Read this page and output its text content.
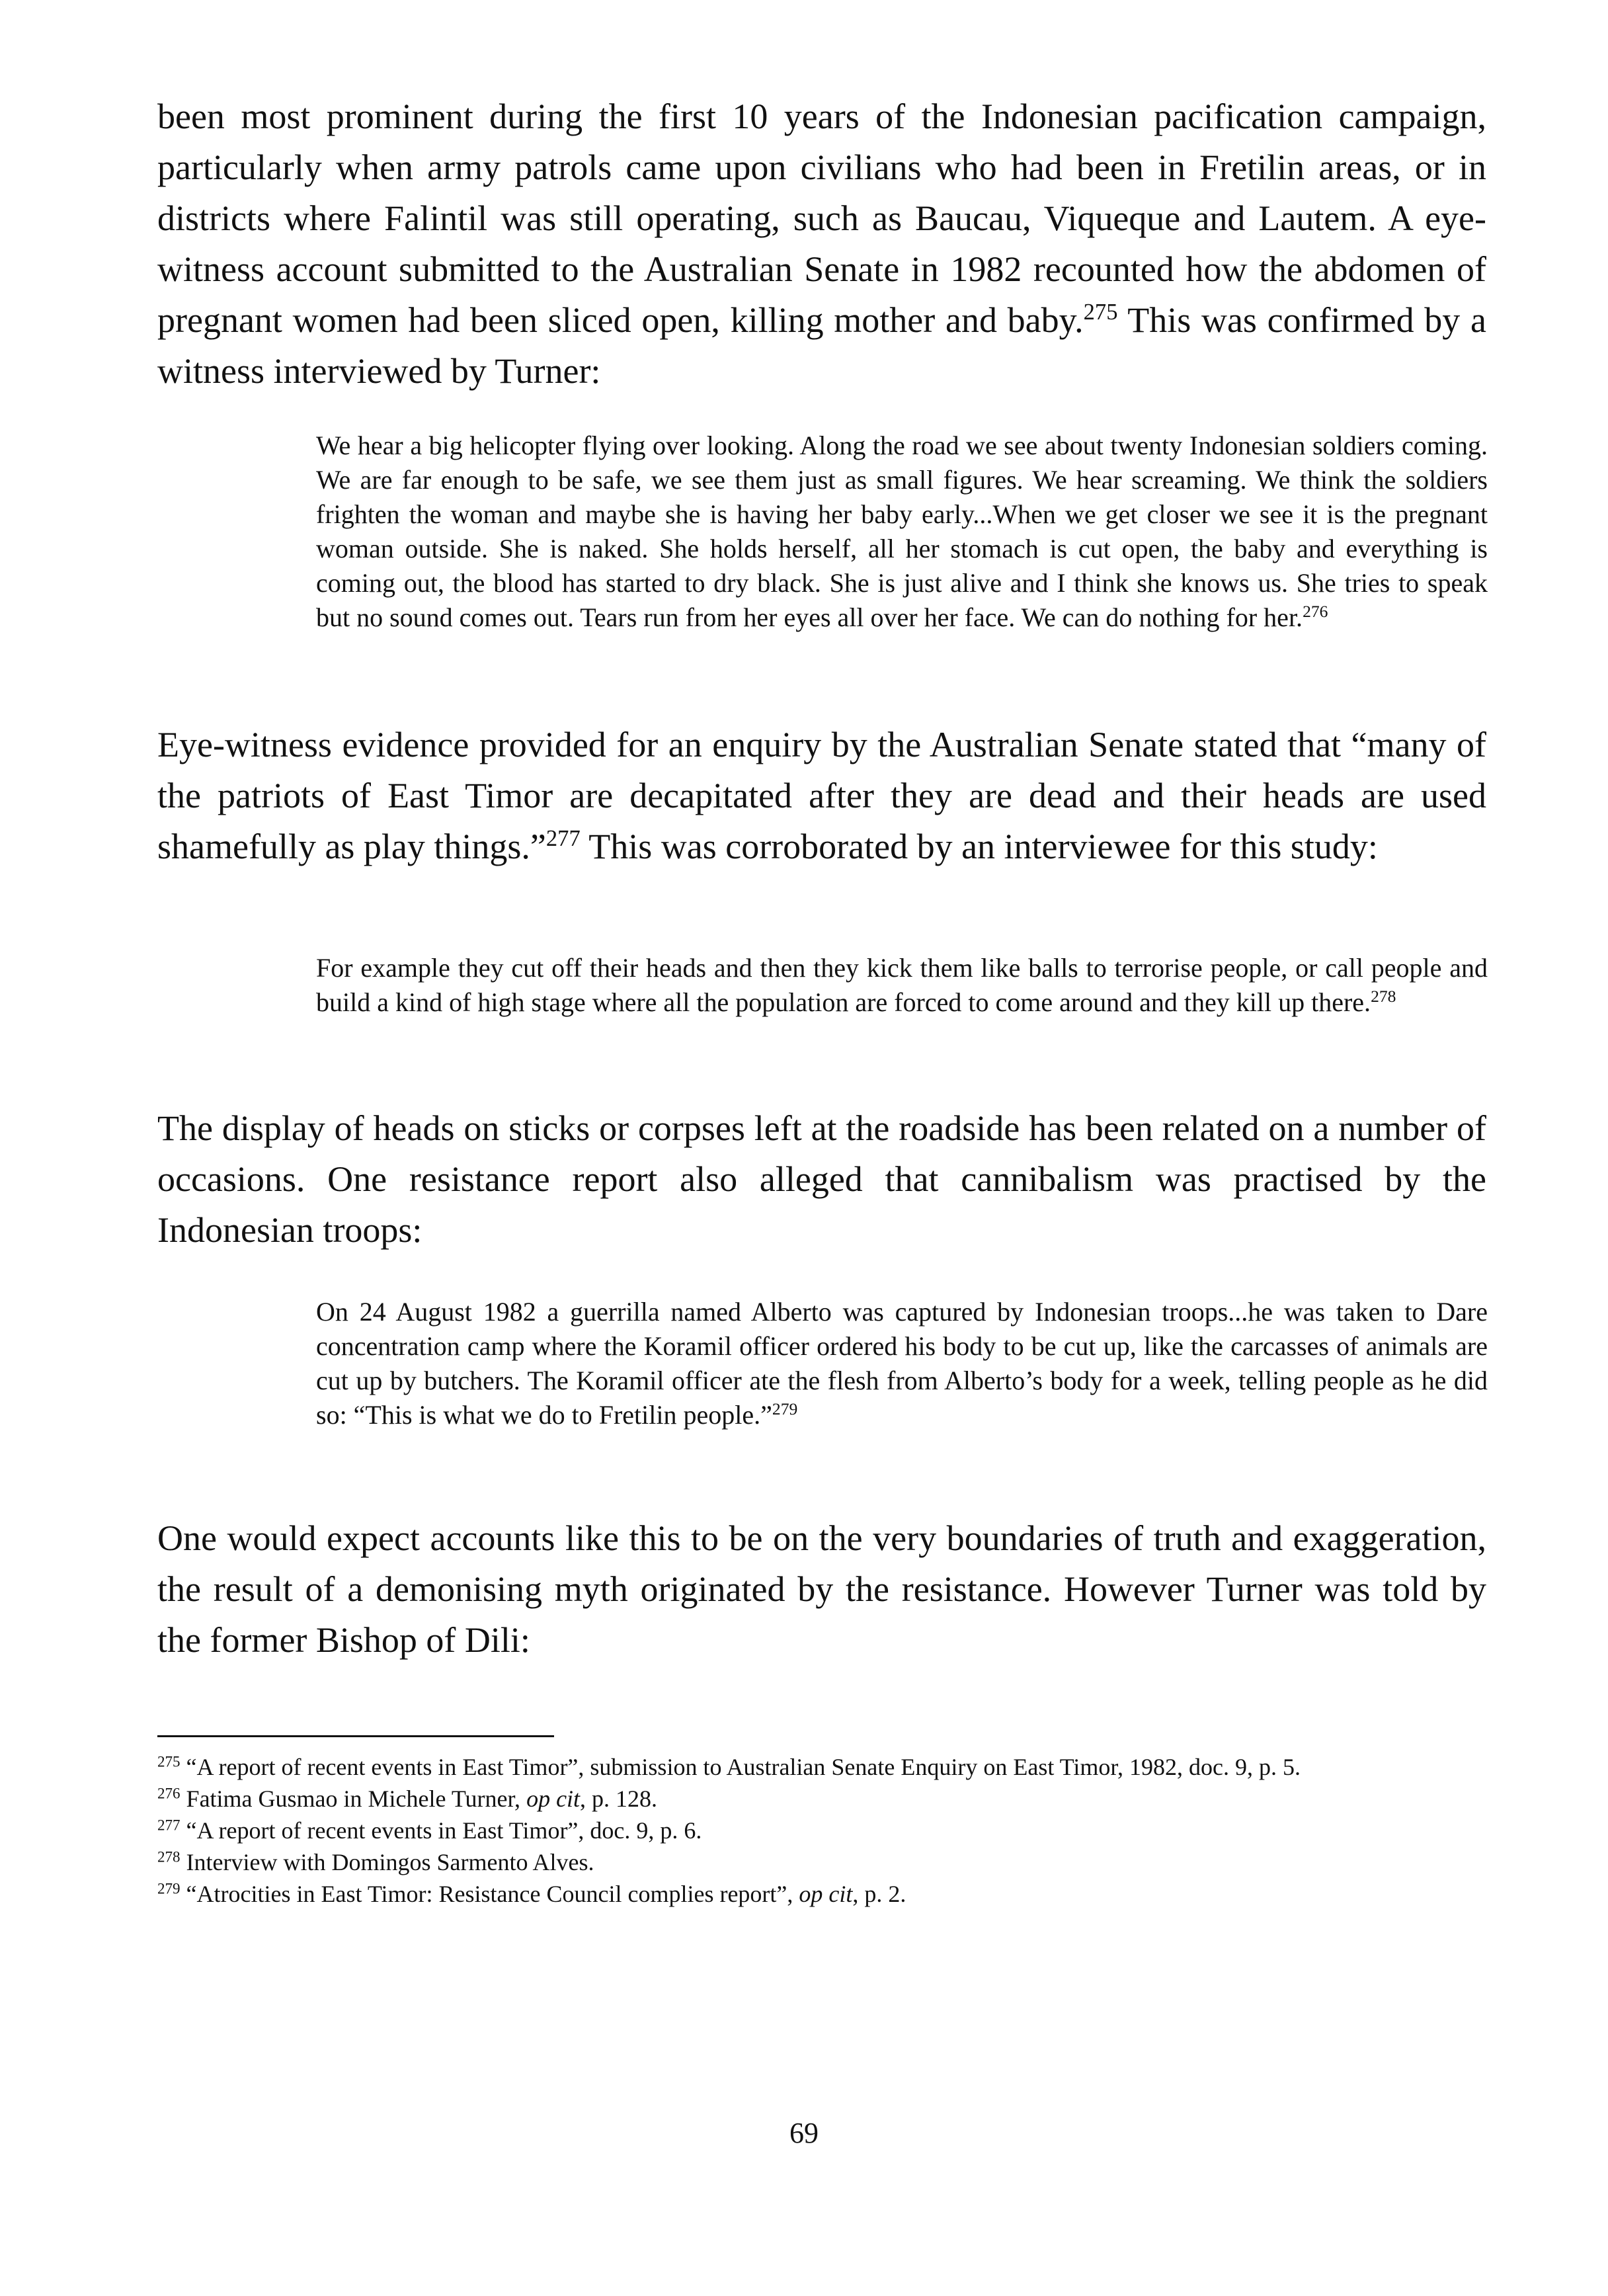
been most prominent during the first 10 years of the Indonesian pacification campaign, particularly when army patrols came upon civilians who had been in Fretilin areas, or in districts where Falintil was still operating, such as Baucau, Viqueque and Lautem. A eye-witness account submitted to the Australian Senate in 1982 recounted how the abdomen of pregnant women had been sliced open, killing mother and baby.$^{275}$ This was confirmed by a witness interviewed by Turner:

We hear a big helicopter flying over looking. Along the road we see about twenty Indonesian soldiers coming. We are far enough to be safe, we see them just as small figures. We hear screaming. We think the soldiers frighten the woman and maybe she is having her baby early...When we get closer we see it is the pregnant woman outside. She is naked. She holds herself, all her stomach is cut open, the baby and everything is coming out, the blood has started to dry black. She is just alive and I think she knows us. She tries to speak but no sound comes out. Tears run from her eyes all over her face. We can do nothing for her.$^{276}$

Eye-witness evidence provided for an enquiry by the Australian Senate stated that “many of the patriots of East Timor are decapitated after they are dead and their heads are used shamefully as play things.”$^{277}$ This was corroborated by an interviewee for this study:

For example they cut off their heads and then they kick them like balls to terrorise people, or call people and build a kind of high stage where all the population are forced to come around and they kill up there.$^{278}$

The display of heads on sticks or corpses left at the roadside has been related on a number of occasions. One resistance report also alleged that cannibalism was practised by the Indonesian troops:

On 24 August 1982 a guerrilla named Alberto was captured by Indonesian troops...he was taken to Dare concentration camp where the Koramil officer ordered his body to be cut up, like the carcasses of animals are cut up by butchers. The Koramil officer ate the flesh from Alberto’s body for a week, telling people as he did so: “This is what we do to Fretilin people.”$^{279}$

One would expect accounts like this to be on the very boundaries of truth and exaggeration, the result of a demonising myth originated by the resistance. However Turner was told by the former Bishop of Dili:

$^{275}$ “A report of recent events in East Timor”, submission to Australian Senate Enquiry on East Timor, 1982, doc. 9, p. 5.

$^{276}$ Fatima Gusmao in Michele Turner, op cit, p. 128.

$^{277}$ “A report of recent events in East Timor”, doc. 9, p. 6.

$^{278}$ Interview with Domingos Sarmento Alves.

$^{279}$ “Atrocities in East Timor: Resistance Council complies report”, op cit, p. 2.

69
